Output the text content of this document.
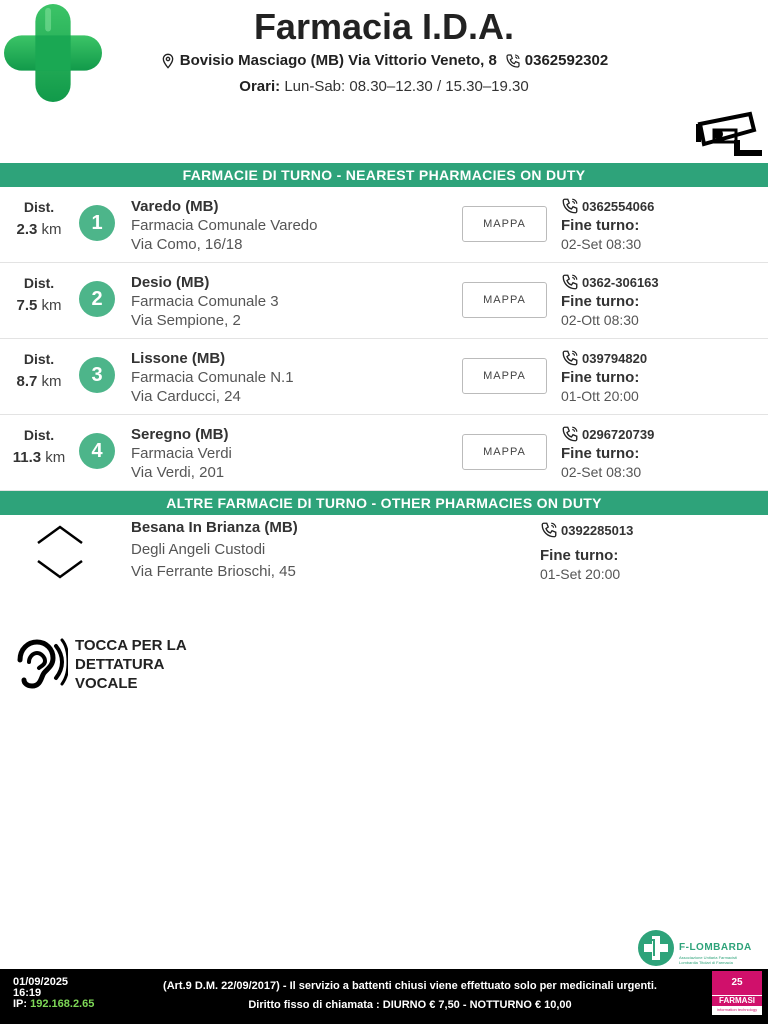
Farmacia I.D.A.
Bovisio Masciago (MB) Via Vittorio Veneto, 8 0362592302
Orari: Lun-Sab: 08.30–12.30 / 15.30–19.30
FARMACIE DI TURNO - NEAREST PHARMACIES ON DUTY
Dist.
2.3 km	1
Varedo (MB)
Farmacia Comunale Varedo
Via Como, 16/18
MAPPA
0362554066
Fine turno:
02-Set 08:30
Dist.
7.5 km	2
Desio (MB)
Farmacia Comunale 3
Via Sempione, 2
MAPPA
0362-306163
Fine turno:
02-Ott 08:30
Dist.
8.7 km	3
Lissone (MB)
Farmacia Comunale N.1
Via Carducci, 24
MAPPA
039794820
Fine turno:
01-Ott 20:00
Dist.
11.3 km	4
Seregno (MB)
Farmacia Verdi
Via Verdi, 201
MAPPA
0296720739
Fine turno:
02-Set 08:30
ALTRE FARMACIE DI TURNO - OTHER PHARMACIES ON DUTY
Besana In Brianza (MB)
Degli Angeli Custodi
Via Ferrante Brioschi, 45
0392285013
Fine turno:
01-Set 20:00
TOCCA PER LA
DETTATURA
VOCALE
F-LOMBARDA
Associazione Unitaria Farmacisti Lombardia Titolari di Farmacia
01/09/2025
16:19
IP: 192.168.2.65
(Art.9 D.M. 22/09/2017) - Il servizio a battenti chiusi viene effettuato solo per medicinali urgenti.
Diritto fisso di chiamata : DIURNO € 7,50 - NOTTURNO € 10,00
25
FARMASI
information technology
